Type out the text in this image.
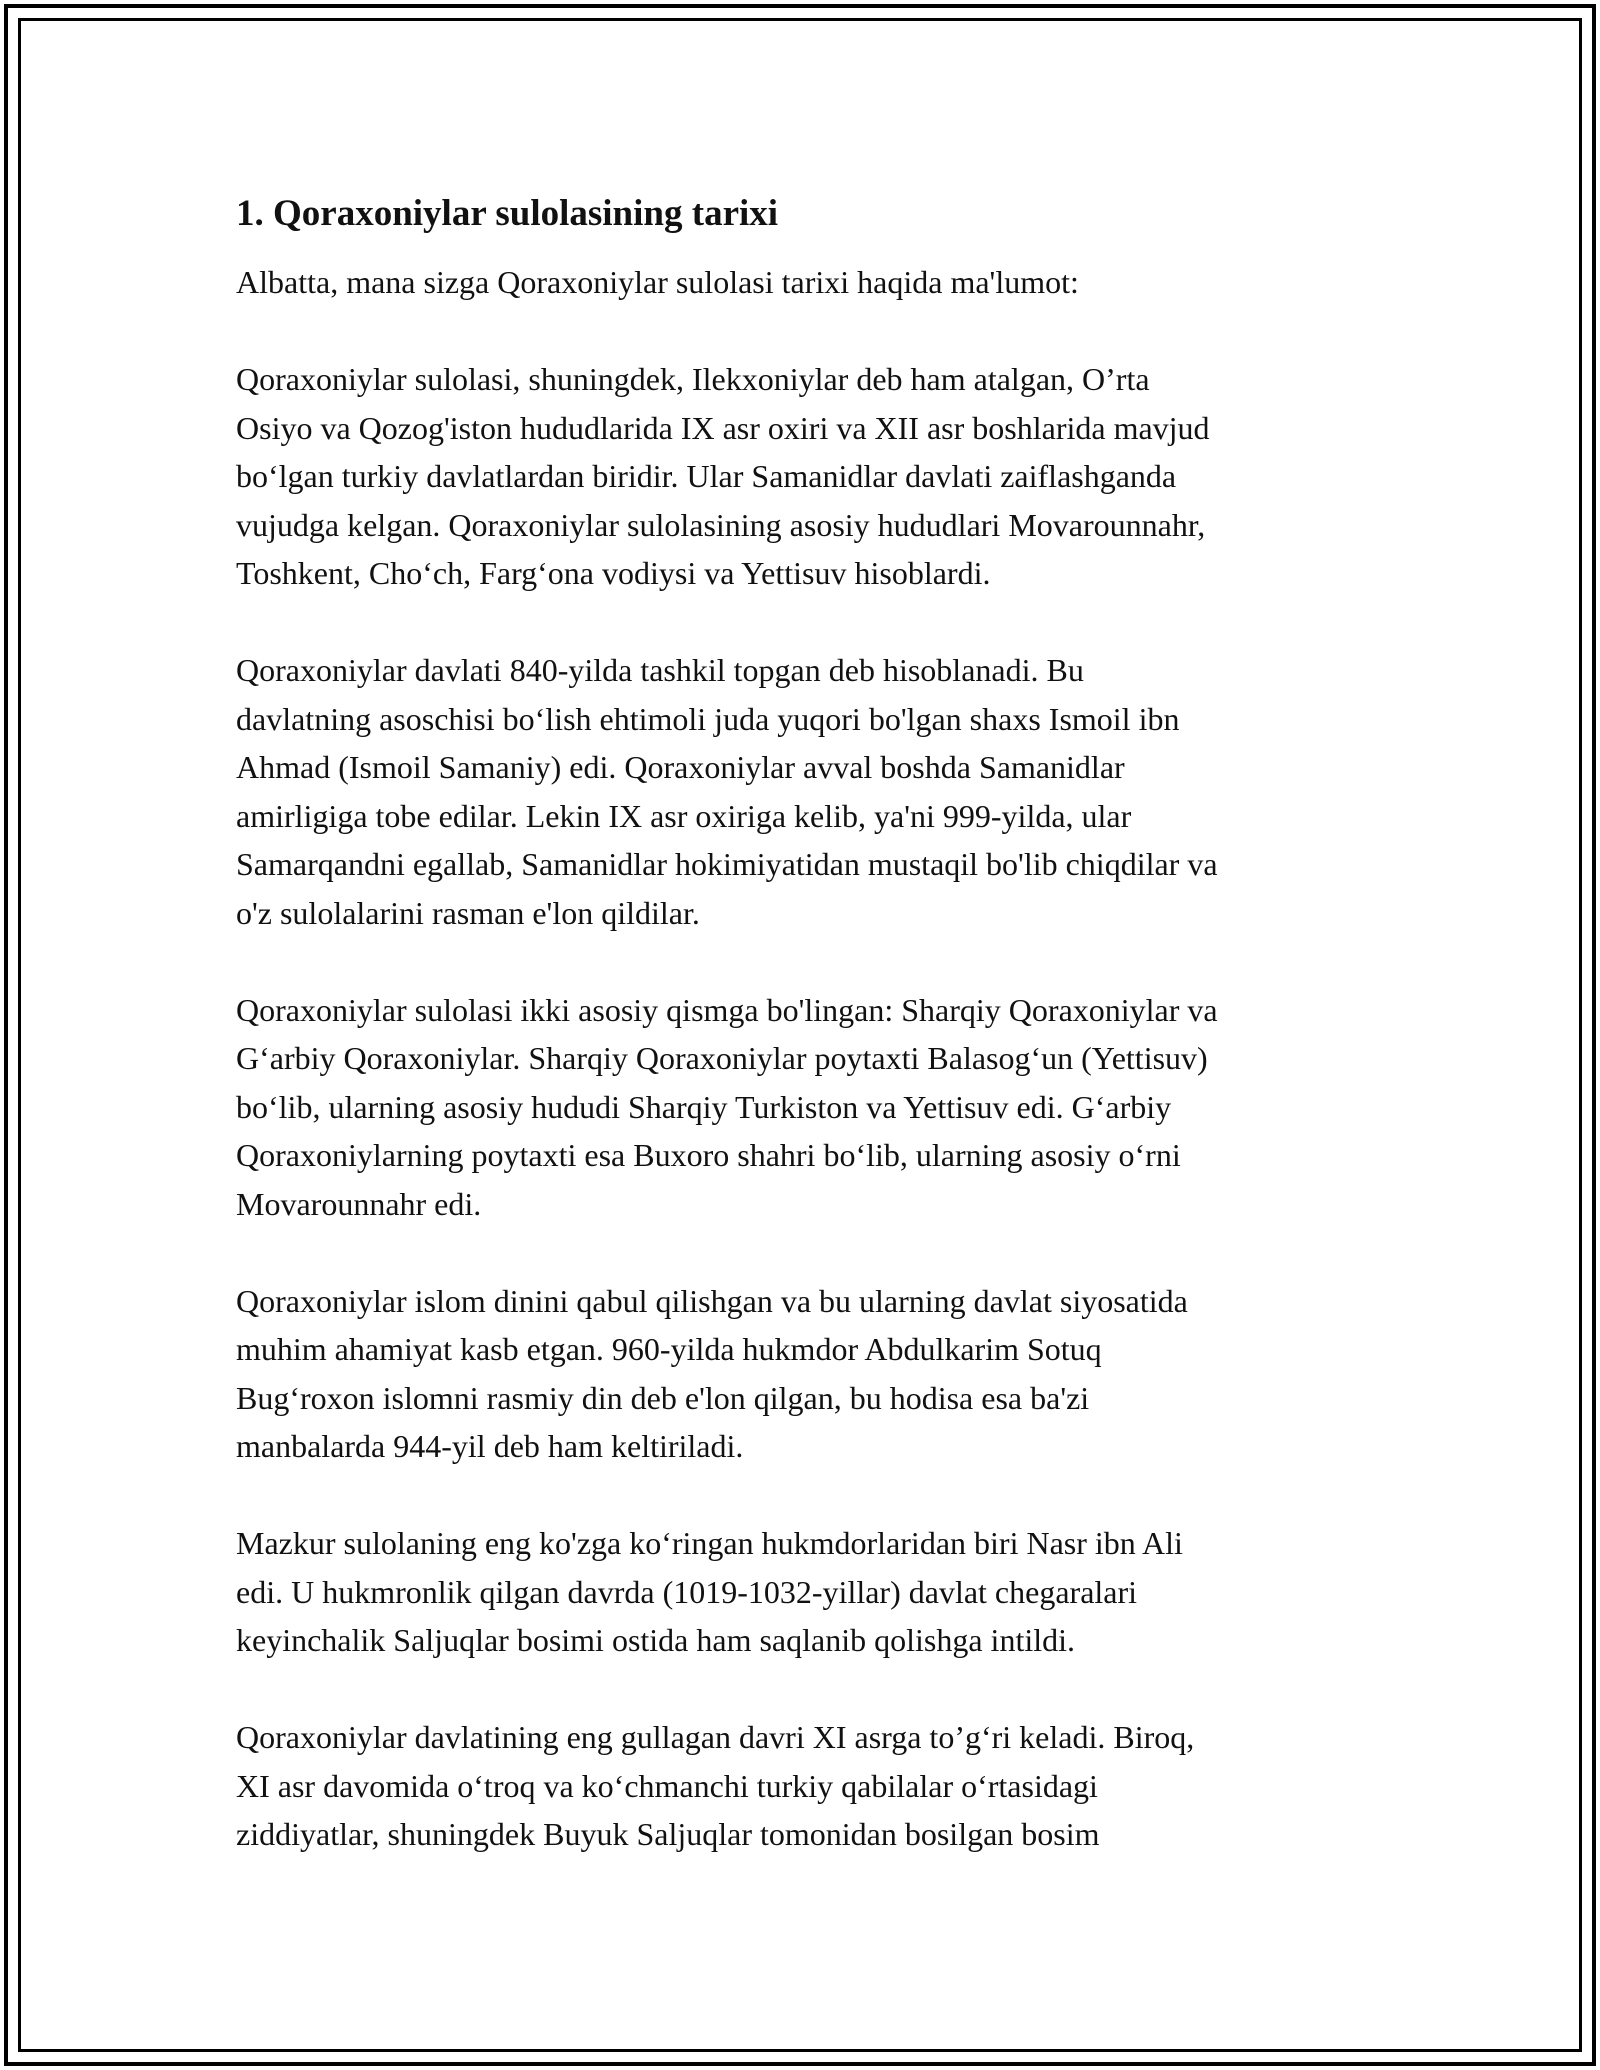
1. Qoraxoniylar sulolasining tarixi

Albatta, mana sizga Qoraxoniylar sulolasi tarixi haqida ma'lumot:

Qoraxoniylar sulolasi, shuningdek, Ilekxoniylar deb ham atalgan, O’rta
Osiyo va Qozog'iston hududlarida IX asr oxiri va XII asr boshlarida mavjud
bo‘lgan turkiy davlatlardan biridir. Ular Samanidlar davlati zaiflashganda
vujudga kelgan. Qoraxoniylar sulolasining asosiy hududlari Movarounnahr,
Toshkent, Cho‘ch, Farg‘ona vodiysi va Yettisuv hisoblardi.

Qoraxoniylar davlati 840-yilda tashkil topgan deb hisoblanadi. Bu
davlatning asoschisi bo‘lish ehtimoli juda yuqori bo'lgan shaxs Ismoil ibn
Ahmad (Ismoil Samaniy) edi. Qoraxoniylar avval boshda Samanidlar
amirligiga tobe edilar. Lekin IX asr oxiriga kelib, ya'ni 999-yilda, ular
Samarqandni egallab, Samanidlar hokimiyatidan mustaqil bo'lib chiqdilar va
o'z sulolalarini rasman e'lon qildilar.

Qoraxoniylar sulolasi ikki asosiy qismga bo'lingan: Sharqiy Qoraxoniylar va
G‘arbiy Qoraxoniylar. Sharqiy Qoraxoniylar poytaxti Balasog‘un (Yettisuv)
bo‘lib, ularning asosiy hududi Sharqiy Turkiston va Yettisuv edi. G‘arbiy
Qoraxoniylarning poytaxti esa Buxoro shahri bo‘lib, ularning asosiy o‘rni
Movarounnahr edi.

Qoraxoniylar islom dinini qabul qilishgan va bu ularning davlat siyosatida
muhim ahamiyat kasb etgan. 960-yilda hukmdor Abdulkarim Sotuq
Bug‘roxon islomni rasmiy din deb e'lon qilgan, bu hodisa esa ba'zi
manbalarda 944-yil deb ham keltiriladi.

Mazkur sulolaning eng ko'zga ko‘ringan hukmdorlaridan biri Nasr ibn Ali
edi. U hukmronlik qilgan davrda (1019-1032-yillar) davlat chegaralari
keyinchalik Saljuqlar bosimi ostida ham saqlanib qolishga intildi.

Qoraxoniylar davlatining eng gullagan davri XI asrga to’g‘ri keladi. Biroq,
XI asr davomida o‘troq va ko‘chmanchi turkiy qabilalar o‘rtasidagi
ziddiyatlar, shuningdek Buyuk Saljuqlar tomonidan bosilgan bosim
